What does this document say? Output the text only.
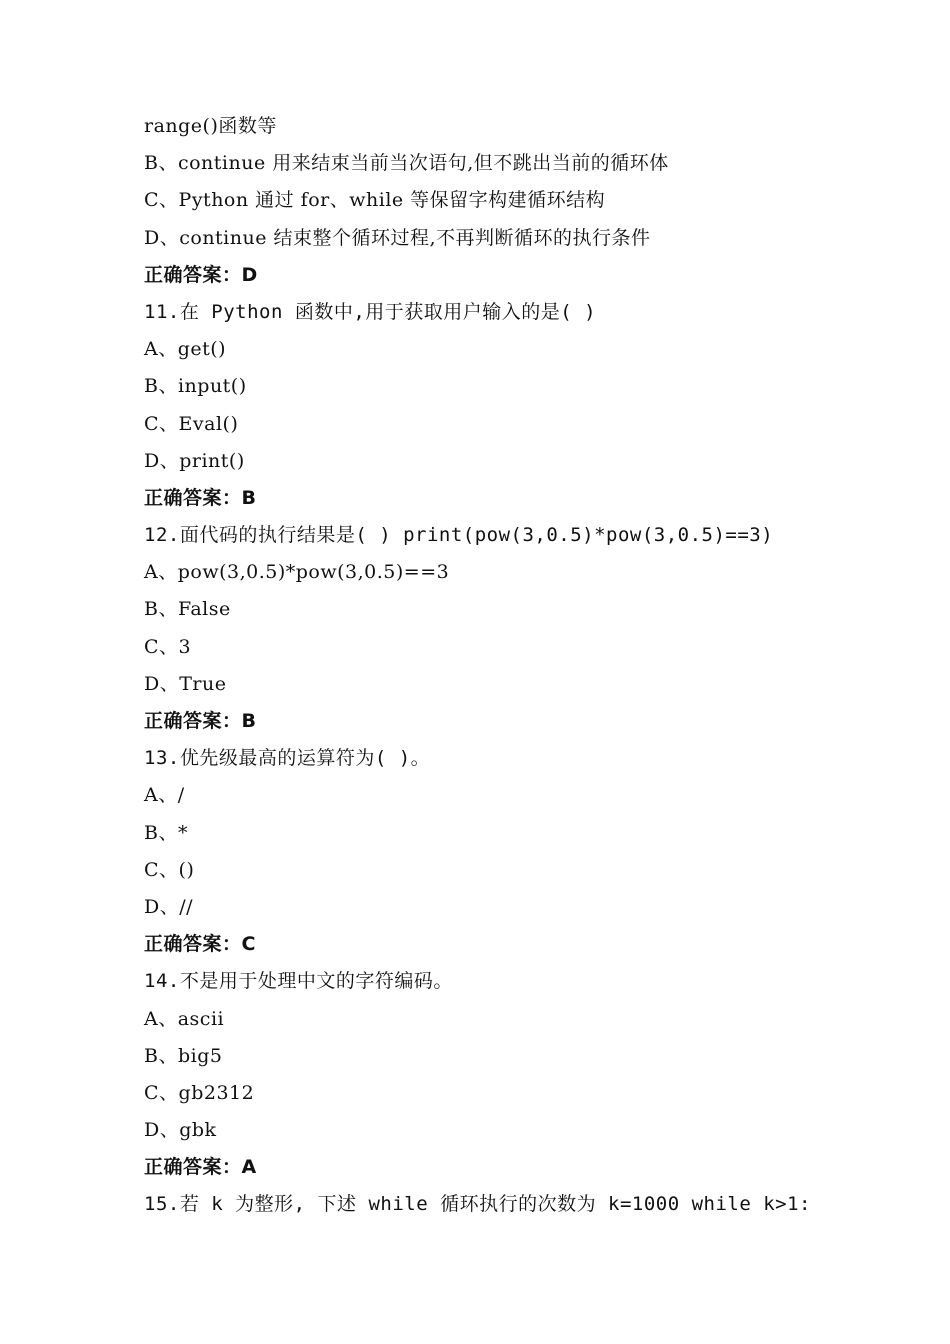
range()函数等
B、continue 用来结束当前当次语句,但不跳出当前的循环体
C、Python 通过 for、while 等保留字构建循环结构
D、continue 结束整个循环过程,不再判断循环的执行条件
正确答案：D
11.在 Python 函数中,用于获取用户输入的是( )
A、get()
B、input()
C、Eval()
D、print()
正确答案：B
12.面代码的执行结果是( ) print(pow(3,0.5)*pow(3,0.5)==3)
A、pow(3,0.5)*pow(3,0.5)==3
B、False
C、3
D、True
正确答案：B
13.优先级最高的运算符为( )。
A、/
B、*
C、()
D、//
正确答案：C
14.不是用于处理中文的字符编码。
A、ascii
B、big5
C、gb2312
D、gbk
正确答案：A
15.若 k 为整形, 下述 while 循环执行的次数为 k=1000 while k>1:
